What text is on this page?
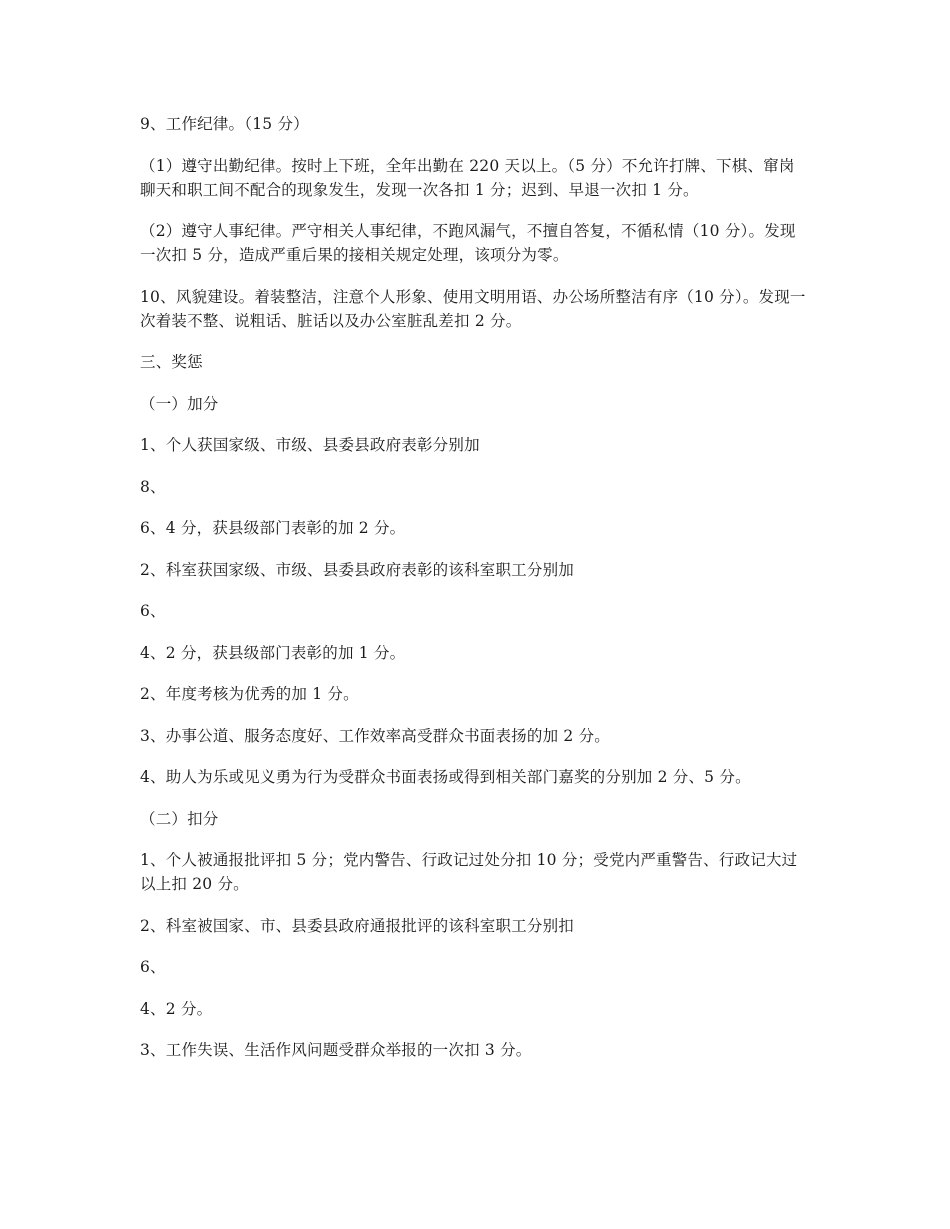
9、工作纪律。（15 分）

（1）遵守出勤纪律。按时上下班，全年出勤在 220 天以上。（5 分）不允许打牌、下棋、窜岗聊天和职工间不配合的现象发生，发现一次各扣 1 分；迟到、早退一次扣 1 分。

（2）遵守人事纪律。严守相关人事纪律，不跑风漏气，不擅自答复，不循私情（10 分）。发现一次扣 5 分，造成严重后果的接相关规定处理，该项分为零。

10、风貌建设。着装整洁，注意个人形象、使用文明用语、办公场所整洁有序（10 分）。发现一次着装不整、说粗话、脏话以及办公室脏乱差扣 2 分。

三、奖惩

（一）加分

1、个人获国家级、市级、县委县政府表彰分别加

8、

6、4 分，获县级部门表彰的加 2 分。

2、科室获国家级、市级、县委县政府表彰的该科室职工分别加

6、

4、2 分，获县级部门表彰的加 1 分。

2、年度考核为优秀的加 1 分。

3、办事公道、服务态度好、工作效率高受群众书面表扬的加 2 分。

4、助人为乐或见义勇为行为受群众书面表扬或得到相关部门嘉奖的分别加 2 分、5 分。

（二）扣分

1、个人被通报批评扣 5 分；党内警告、行政记过处分扣 10 分；受党内严重警告、行政记大过以上扣 20 分。

2、科室被国家、市、县委县政府通报批评的该科室职工分别扣

6、

4、2 分。

3、工作失误、生活作风问题受群众举报的一次扣 3 分。
